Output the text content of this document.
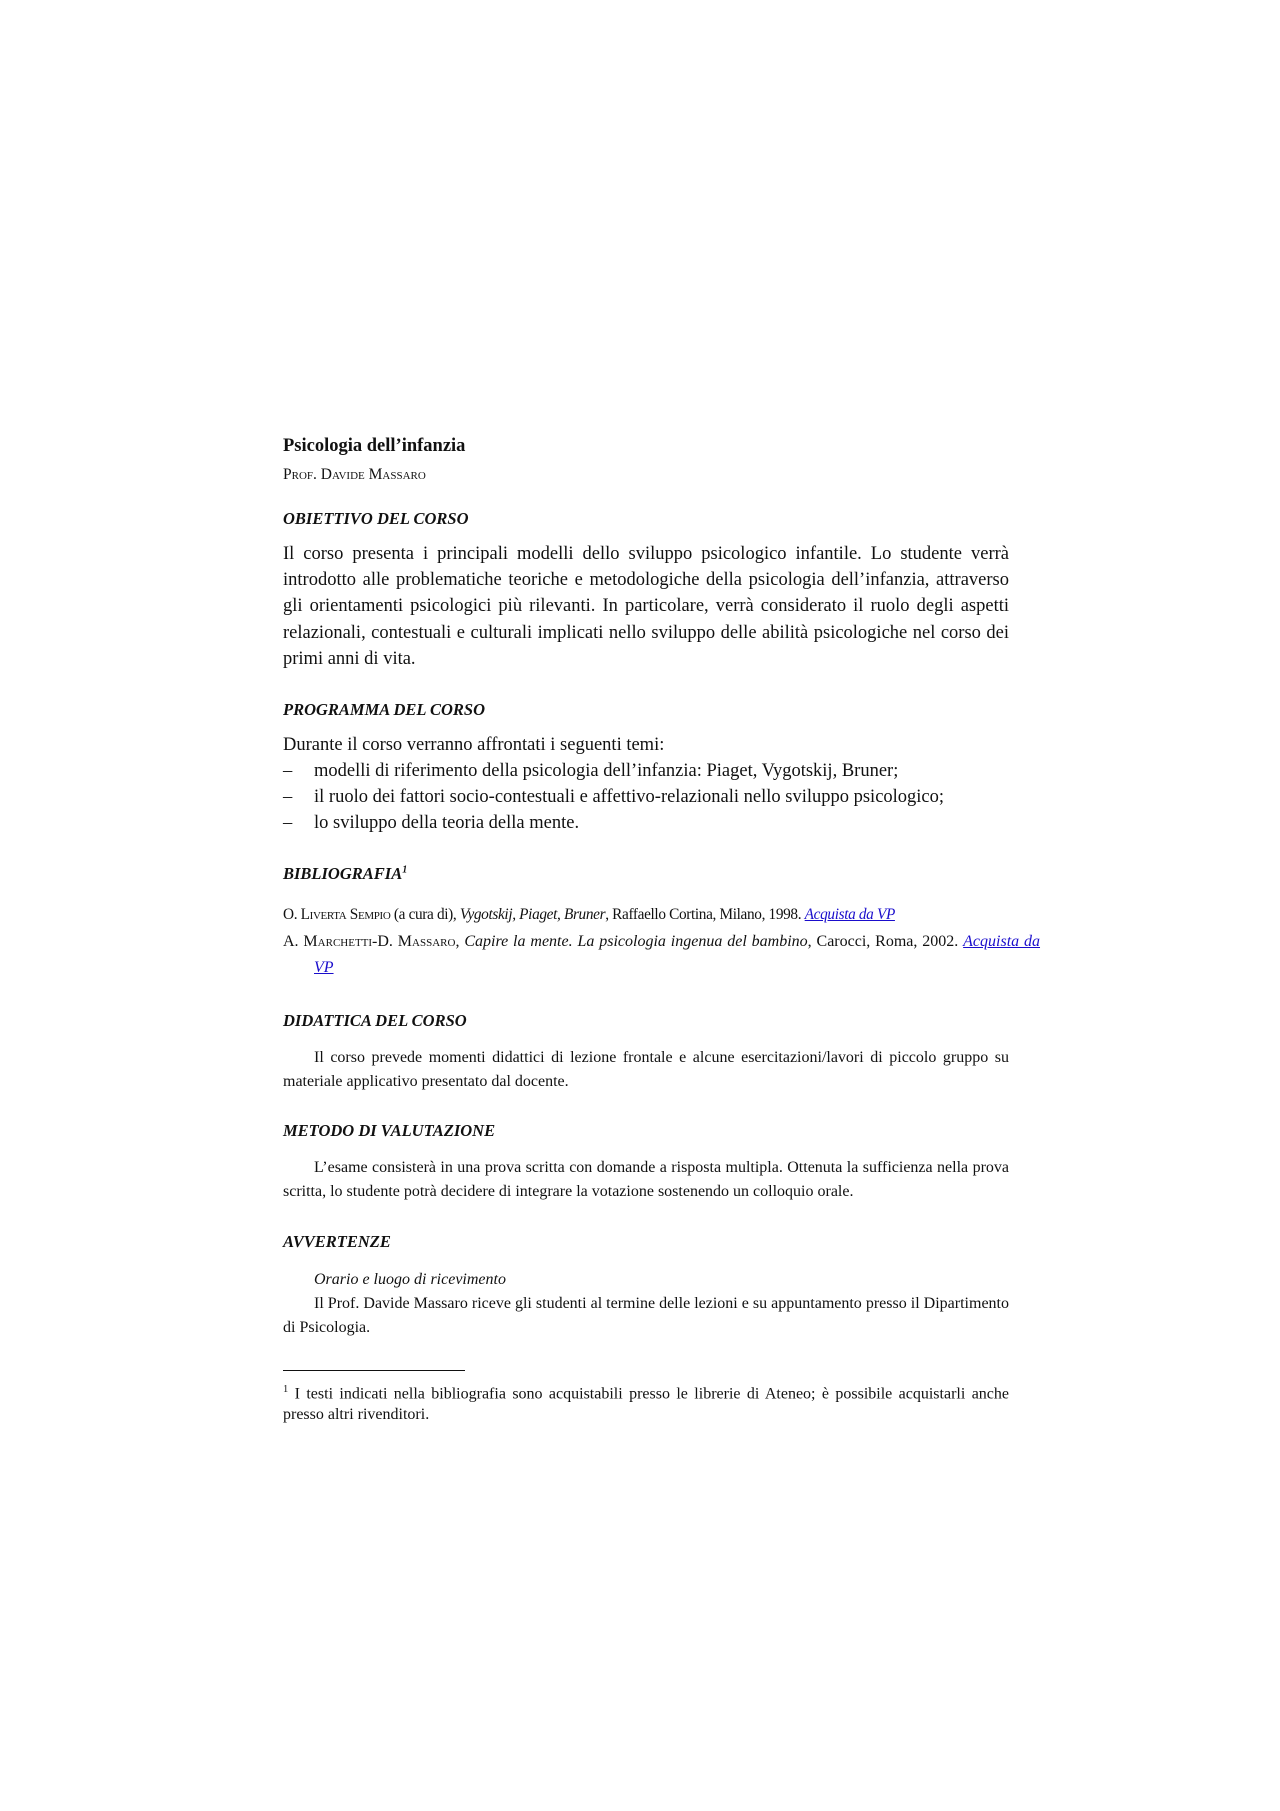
Psicologia dell’infanzia
Prof. Davide Massaro
OBIETTIVO DEL CORSO

Il corso presenta i principali modelli dello sviluppo psicologico infantile. Lo studente verrà introdotto alle problematiche teoriche e metodologiche della psicologia dell’infanzia, attraverso gli orientamenti psicologici più rilevanti. In particolare, verrà considerato il ruolo degli aspetti relazionali, contestuali e culturali implicati nello sviluppo delle abilità psicologiche nel corso dei primi anni di vita.

PROGRAMMA DEL CORSO

Durante il corso verranno affrontati i seguenti temi:

– modelli di riferimento della psicologia dell’infanzia: Piaget, Vygotskij, Bruner;
– il ruolo dei fattori socio-contestuali e affettivo-relazionali nello sviluppo psicologico;
– lo sviluppo della teoria della mente.
BIBLIOGRAFIA$^1$

O. Liverta Sempio (a cura di), Vygotskij, Piaget, Bruner, Raffaello Cortina, Milano, 1998. Acquista da VP

A. Marchetti-D. Massaro, Capire la mente. La psicologia ingenua del bambino, Carocci, Roma, 2002. Acquista da VP

DIDATTICA DEL CORSO

Il corso prevede momenti didattici di lezione frontale e alcune esercitazioni/lavori di piccolo gruppo su materiale applicativo presentato dal docente.

METODO DI VALUTAZIONE

L’esame consisterà in una prova scritta con domande a risposta multipla. Ottenuta la sufficienza nella prova scritta, lo studente potrà decidere di integrare la votazione sostenendo un colloquio orale.

AVVERTENZE

Orario e luogo di ricevimento

Il Prof. Davide Massaro riceve gli studenti al termine delle lezioni e su appuntamento presso il Dipartimento di Psicologia.

$^1$ I testi indicati nella bibliografia sono acquistabili presso le librerie di Ateneo; è possibile acquistarli anche presso altri rivenditori.
